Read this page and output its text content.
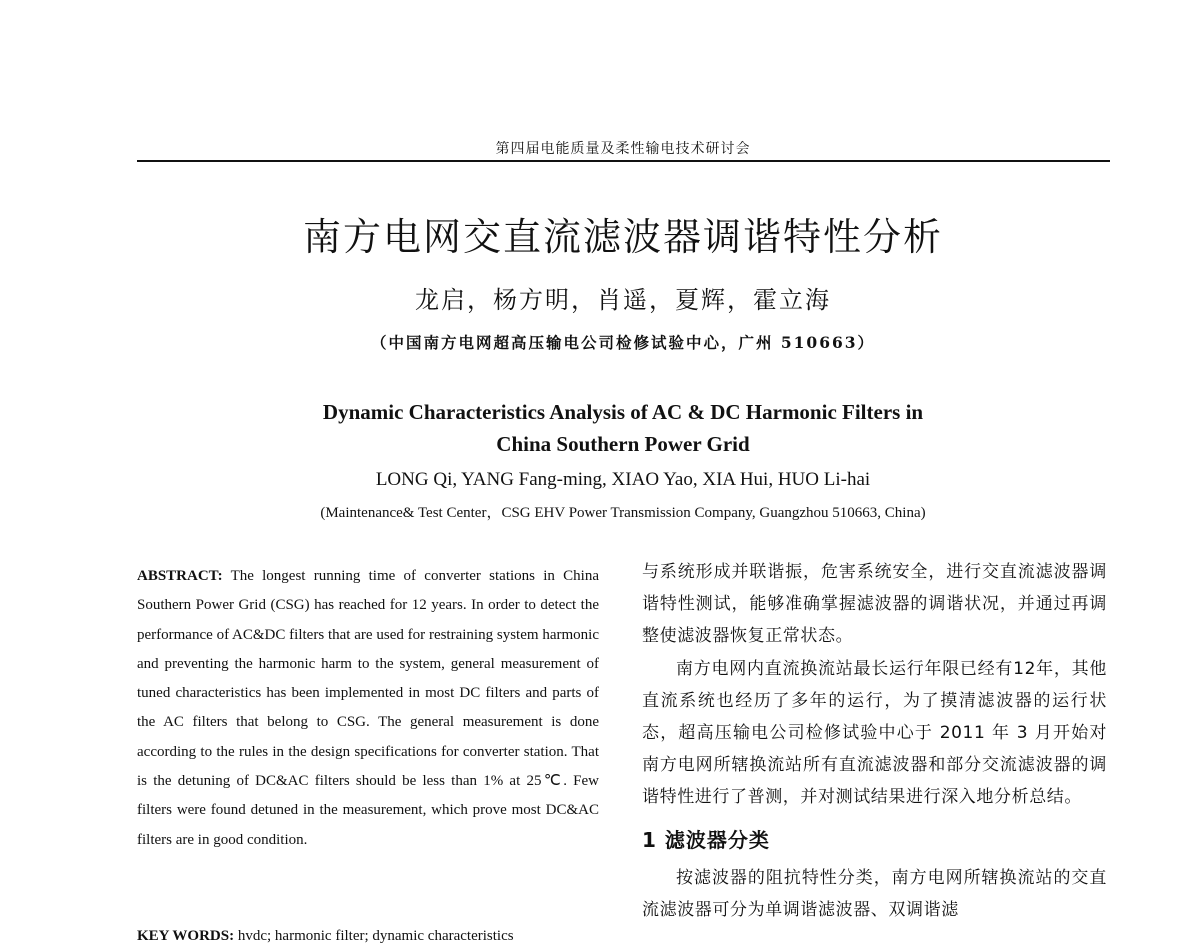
第四届电能质量及柔性输电技术研讨会
南方电网交直流滤波器调谐特性分析
龙启，杨方明，肖遥，夏辉，霍立海
（中国南方电网超高压输电公司检修试验中心，广州 510663）
Dynamic Characteristics Analysis of AC & DC Harmonic Filters in
China Southern Power Grid
LONG Qi, YANG Fang-ming, XIAO Yao, XIA Hui, HUO Li-hai
(Maintenance& Test Center，CSG EHV Power Transmission Company, Guangzhou 510663, China)
ABSTRACT: The longest running time of converter stations in China Southern Power Grid (CSG) has reached for 12 years. In order to detect the performance of AC&DC filters that are used for restraining system harmonic and preventing the harmonic harm to the system, general measurement of tuned characteristics has been implemented in most DC filters and parts of the AC filters that belong to CSG. The general measurement is done according to the rules in the design specifications for converter station. That is the detuning of DC&AC filters should be less than 1% at 25℃. Few filters were found detuned in the measurement, which prove most DC&AC filters are in good condition.
KEY WORDS: hvdc; harmonic filter; dynamic characteristics

与系统形成并联谐振，危害系统安全，进行交直流滤波器调谐特性测试，能够准确掌握滤波器的调谐状况，并通过再调整使滤波器恢复正常状态。

南方电网内直流换流站最长运行年限已经有12年，其他直流系统也经历了多年的运行，为了摸清滤波器的运行状态，超高压输电公司检修试验中心于 2011 年 3 月开始对南方电网所辖换流站所有直流滤波器和部分交流滤波器的调谐特性进行了普测，并对测试结果进行深入地分析总结。

1 滤波器分类

按滤波器的阻抗特性分类，南方电网所辖换流站的交直流滤波器可分为单调谐滤波器、双调谐滤
